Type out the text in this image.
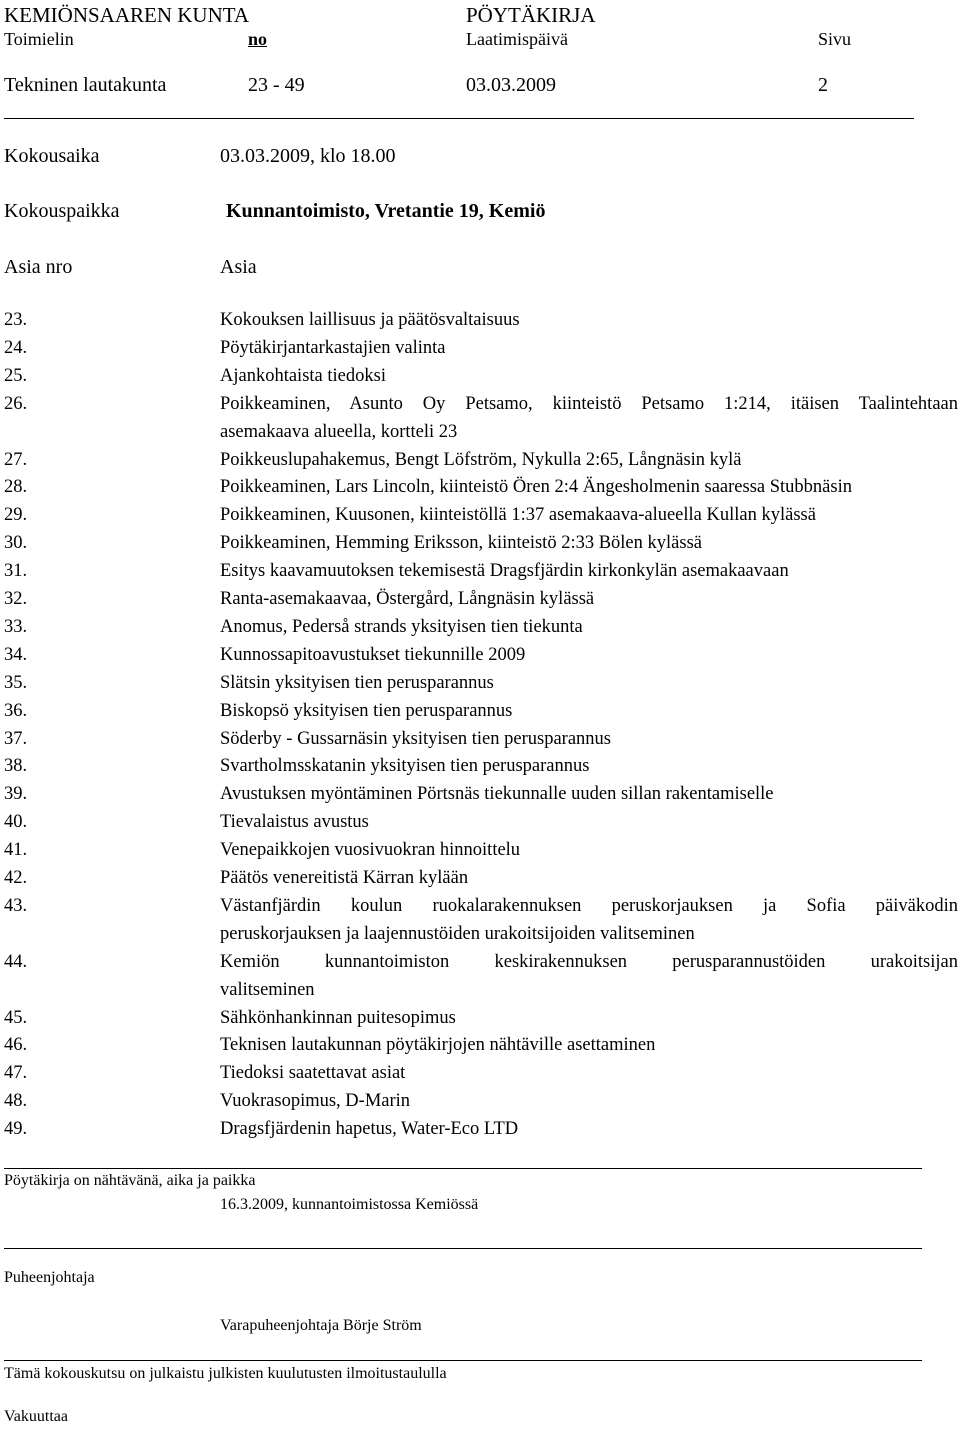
KEMIÖNSAAREN KUNTA	PÖYTÄKIRJA
Toimielin	no	Laatimispäivä	Sivu
Tekninen lautakunta	23 - 49	03.03.2009	2
Kokousaika	03.03.2009, klo 18.00
Kokouspaikka	Kunnantoimisto, Vretantie 19, Kemiö
Asia nro	Asia
23.	Kokouksen laillisuus ja päätösvaltaisuus
24.	Pöytäkirjantarkastajien valinta
25.	Ajankohtaista tiedoksi
26.	Poikkeaminen, Asunto Oy Petsamo, kiinteistö Petsamo 1:214, itäisen Taalintehtaan
asemakaava alueella, kortteli 23
27.	Poikkeuslupahakemus, Bengt Löfström, Nykulla 2:65, Långnäsin kylä
28.	Poikkeaminen, Lars Lincoln, kiinteistö Ören 2:4 Ängesholmenin saaressa Stubbnäsin
29.	Poikkeaminen, Kuusonen, kiinteistöllä 1:37 asemakaava-alueella Kullan kylässä
30.	Poikkeaminen, Hemming Eriksson, kiinteistö 2:33 Bölen kylässä
31.	Esitys kaavamuutoksen tekemisestä Dragsfjärdin kirkonkylän asemakaavaan
32.	Ranta-asemakaavaa, Östergård, Långnäsin kylässä
33.	Anomus, Pederså strands yksityisen tien tiekunta
34.	Kunnossapitoavustukset tiekunnille 2009
35.	Slätsin yksityisen tien perusparannus
36.	Biskopsö yksityisen tien perusparannus
37.	Söderby - Gussarnäsin yksityisen tien perusparannus
38.	Svartholmsskatanin yksityisen tien perusparannus
39.	Avustuksen myöntäminen Pörtsnäs tiekunnalle uuden sillan rakentamiselle
40.	Tievalaistus avustus
41.	Venepaikkojen vuosivuokran hinnoittelu
42.	Päätös venereitistä Kärran kylään
43.	Västanfjärdin koulun ruokalarakennuksen peruskorjauksen ja Sofia päiväkodin
peruskorjauksen ja laajennustöiden urakoitsijoiden valitseminen
44.	Kemiön kunnantoimiston keskirakennuksen perusparannustöiden urakoitsijan
valitseminen
45.	Sähkönhankinnan puitesopimus
46.	Teknisen lautakunnan pöytäkirjojen nähtäville asettaminen
47.	Tiedoksi saatettavat asiat
48.	Vuokrasopimus, D-Marin
49.	Dragsfjärdenin hapetus, Water-Eco LTD
Pöytäkirja on nähtävänä, aika ja paikka
16.3.2009, kunnantoimistossa Kemiössä
Puheenjohtaja
Varapuheenjohtaja Börje Ström
Tämä kokouskutsu on julkaistu julkisten kuulutusten ilmoitustaululla
Vakuuttaa
